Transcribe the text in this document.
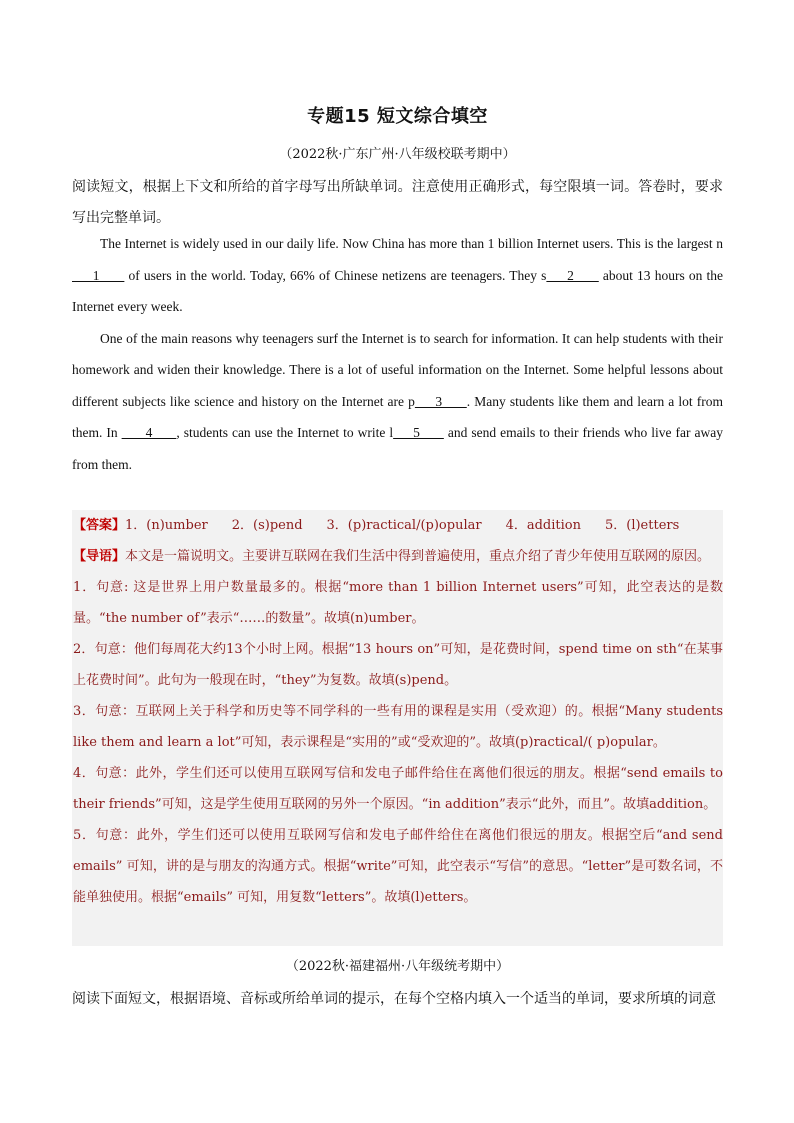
专题15 短文综合填空
（2022秋·广东广州·八年级校联考期中）
阅读短文，根据上下文和所给的首字母写出所缺单词。注意使用正确形式，每空限填一词。答卷时，要求写出完整单词。

The Internet is widely used in our daily life. Now China has more than 1 billion Internet users. This is the largest n     1       of users in the world. Today, 66% of Chinese netizens are teenagers. They s     2       about 13 hours on the Internet every week.

One of the main reasons why teenagers surf the Internet is to search for information. It can help students with their homework and widen their knowledge. There is a lot of useful information on the Internet. Some helpful lessons about different subjects like science and history on the Internet are p     3      . Many students like them and learn a lot from them. In       4      , students can use the Internet to write l     5       and send emails to their friends who live far away from them.

【答案】1．(n)umber 2．(s)pend 3．(p)ractical/(p)opular 4．addition 5．(l)etters

【导语】本文是一篇说明文。主要讲互联网在我们生活中得到普遍使用，重点介绍了青少年使用互联网的原因。

1．句意: 这是世界上用户数量最多的。根据“more than 1 billion Internet users”可知，此空表达的是数量。“the number of”表示“……的数量”。故填(n)umber。

2．句意：他们每周花大约13个小时上网。根据“13 hours on”可知，是花费时间，spend time on sth“在某事上花费时间”。此句为一般现在时，“they”为复数。故填(s)pend。

3．句意：互联网上关于科学和历史等不同学科的一些有用的课程是实用（受欢迎）的。根据“Many students like them and learn a lot”可知，表示课程是“实用的”或“受欢迎的”。故填(p)ractical/( p)opular。

4．句意：此外，学生们还可以使用互联网写信和发电子邮件给住在离他们很远的朋友。根据“send emails to their friends”可知，这是学生使用互联网的另外一个原因。“in addition”表示“此外，而且”。故填addition。

5．句意：此外，学生们还可以使用互联网写信和发电子邮件给住在离他们很远的朋友。根据空后“and send emails” 可知，讲的是与朋友的沟通方式。根据“write”可知，此空表示“写信”的意思。“letter”是可数名词，不能单独使用。根据“emails” 可知，用复数“letters”。故填(l)etters。

（2022秋·福建福州·八年级统考期中）
阅读下面短文，根据语境、音标或所给单词的提示，在每个空格内填入一个适当的单词，要求所填的词意
